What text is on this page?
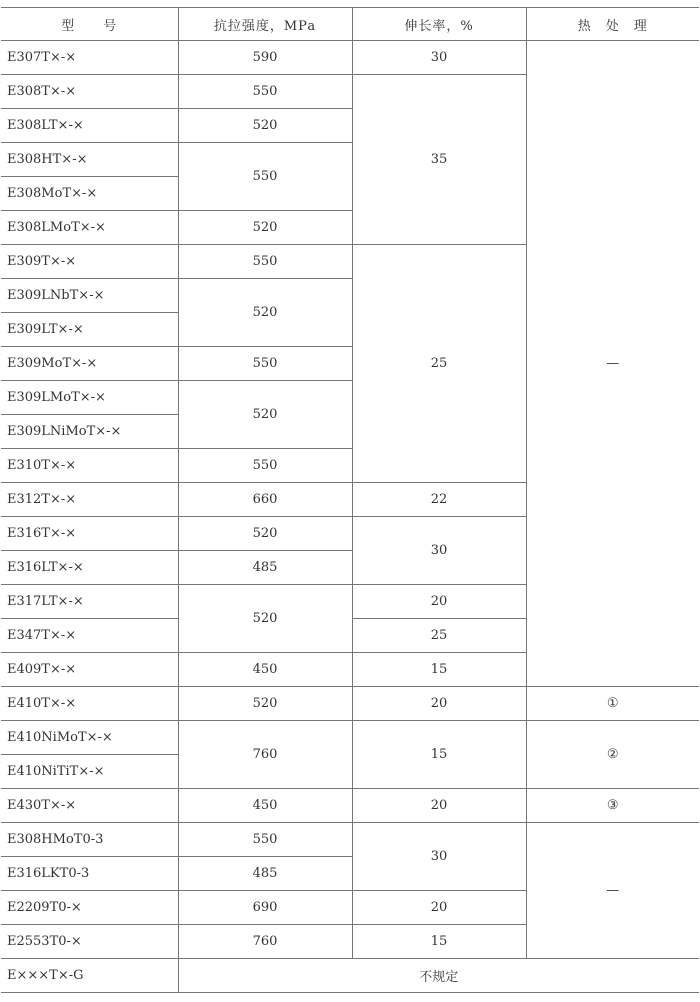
型　　号	抗拉强度，MPa	伸长率，%	热　处　理
E307T×-×	590	30	—
E308T×-×	550	35	
E308LT×-×	520		
E308HT×-×	550		
E308MoT×-×			
E308LMoT×-×	520		
E309T×-×	550	25	
E309LNbT×-×	520		
E309LT×-×			
E309MoT×-×	550		
E309LMoT×-×	520		
E309LNiMoT×-×			
E310T×-×	550		
E312T×-×	660	22	
E316T×-×	520	30	
E316LT×-×	485		
E317LT×-×	520	20	
E347T×-×		25	
E409T×-×	450	15	
E410T×-×	520	20	①
E410NiMoT×-×	760	15	②
E410NiTiT×-×			
E430T×-×	450	20	③
E308HMoT0-3	550	30	—
E316LKT0-3	485		
E2209T0-×	690	20	
E2553T0-×	760	15	
E×××T×-G	不规定		
